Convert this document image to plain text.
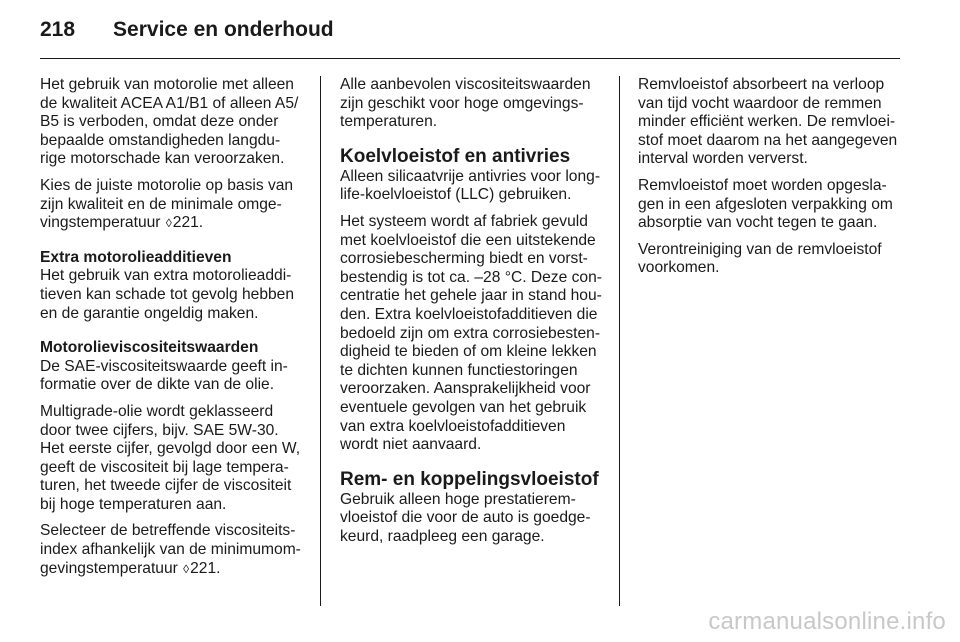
218 Service en onderhoud

Het gebruik van motorolie met alleen de kwaliteit ACEA A1/B1 of alleen A5/ B5 is verboden, omdat deze onder bepaalde omstandigheden langdu- rige motorschade kan veroorzaken.

Kies de juiste motorolie op basis van zijn kwaliteit en de minimale omge- vingstemperatuur ◊221.

Extra motorolieadditieven

Het gebruik van extra motorolieaddi- tieven kan schade tot gevolg hebben en de garantie ongeldig maken.

Motorolieviscositeitswaarden

De SAE-viscositeitswaarde geeft in- formatie over de dikte van de olie.

Multigrade-olie wordt geklasseerd door twee cijfers, bijv. SAE 5W-30. Het eerste cijfer, gevolgd door een W, geeft de viscositeit bij lage tempera- turen, het tweede cijfer de viscositeit bij hoge temperaturen aan.

Selecteer de betreffende viscositeits- index afhankelijk van de minimumom- gevingstemperatuur ◊221.

Alle aanbevolen viscositeitswaarden zijn geschikt voor hoge omgevings- temperaturen.

Koelvloeistof en antivries

Alleen silicaatvrije antivries voor long- life-koelvloeistof (LLC) gebruiken.

Het systeem wordt af fabriek gevuld met koelvloeistof die een uitstekende corrosiebescherming biedt en vorst- bestendig is tot ca. –28 °C. Deze con- centratie het gehele jaar in stand hou- den. Extra koelvloeistofadditieven die bedoeld zijn om extra corrosiebesten- digheid te bieden of om kleine lekken te dichten kunnen functiestoringen veroorzaken. Aansprakelijkheid voor eventuele gevolgen van het gebruik van extra koelvloeistofadditieven wordt niet aanvaard.

Rem- en koppelingsvloeistof

Gebruik alleen hoge prestatierem- vloeistof die voor de auto is goedge- keurd, raadpleeg een garage.

Remvloeistof absorbeert na verloop van tijd vocht waardoor de remmen minder efficiënt werken. De remvloei- stof moet daarom na het aangegeven interval worden ververst.

Remvloeistof moet worden opgesla- gen in een afgesloten verpakking om absorptie van vocht tegen te gaan.

Verontreiniging van de remvloeistof voorkomen.

carmanualsonline.info
